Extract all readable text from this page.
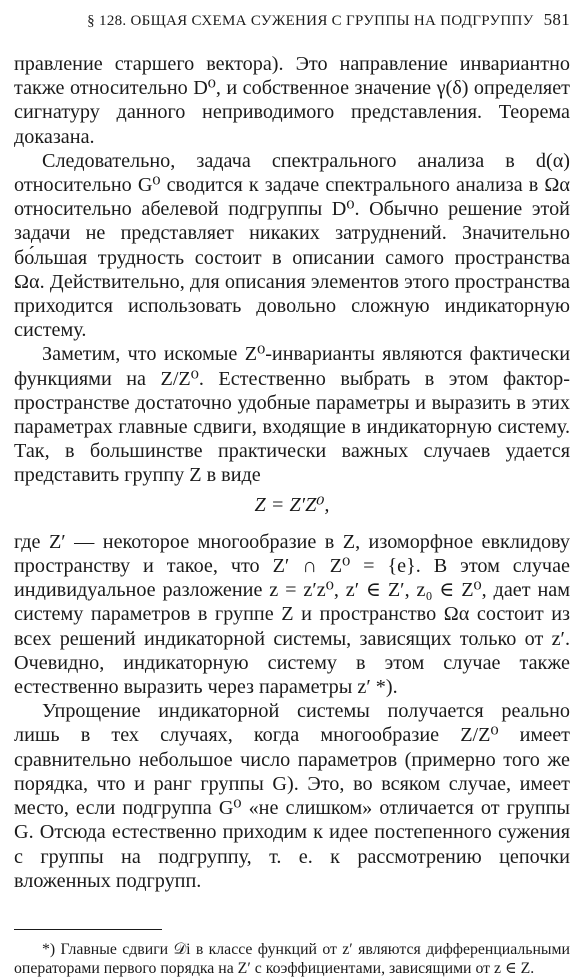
§ 128. ОБЩАЯ СХЕМА СУЖЕНИЯ С ГРУППЫ НА ПОДГРУППУ 581

правление старшего вектора). Это направление инвариантно также относительно D⁰, и собственное значение γ(δ) определяет сигнатуру данного неприводимого представления. Теорема доказана.

Следовательно, задача спектрального анализа в d(α) относительно G⁰ сводится к задаче спектрального анализа в Ωα относительно абелевой подгруппы D⁰. Обычно решение этой задачи не представляет никаких затруднений. Значительно бо́льшая трудность состоит в описании самого пространства Ωα. Действительно, для описания элементов этого пространства приходится использовать довольно сложную индикаторную систему.

Заметим, что искомые Z⁰-инварианты являются фактически функциями на Z/Z⁰. Естественно выбрать в этом фактор-пространстве достаточно удобные параметры и выразить в этих параметрах главные сдвиги, входящие в индикаторную систему. Так, в большинстве практически важных случаев удается представить группу Z в виде

Z = Z′Z⁰,

где Z′ — некоторое многообразие в Z, изоморфное евклидову пространству и такое, что Z′ ∩ Z⁰ = {e}. В этом случае индивидуальное разложение z = z′z⁰, z′ ∈ Z′, z₀ ∈ Z⁰, дает нам систему параметров в группе Z и пространство Ωα состоит из всех решений индикаторной системы, зависящих только от z′. Очевидно, индикаторную систему в этом случае также естественно выразить через параметры z′ *).

Упрощение индикаторной системы получается реально лишь в тех случаях, когда многообразие Z/Z⁰ имеет сравнительно небольшое число параметров (примерно того же порядка, что и ранг группы G). Это, во всяком случае, имеет место, если подгруппа G⁰ «не слишком» отличается от группы G. Отсюда естественно приходим к идее постепенного сужения с группы на подгруппу, т. е. к рассмотрению цепочки вложенных подгрупп.

*) Главные сдвиги 𝒟i в классе функций от z′ являются дифференциальными операторами первого порядка на Z′ с коэффициентами, зависящими от z ∈ Z.
